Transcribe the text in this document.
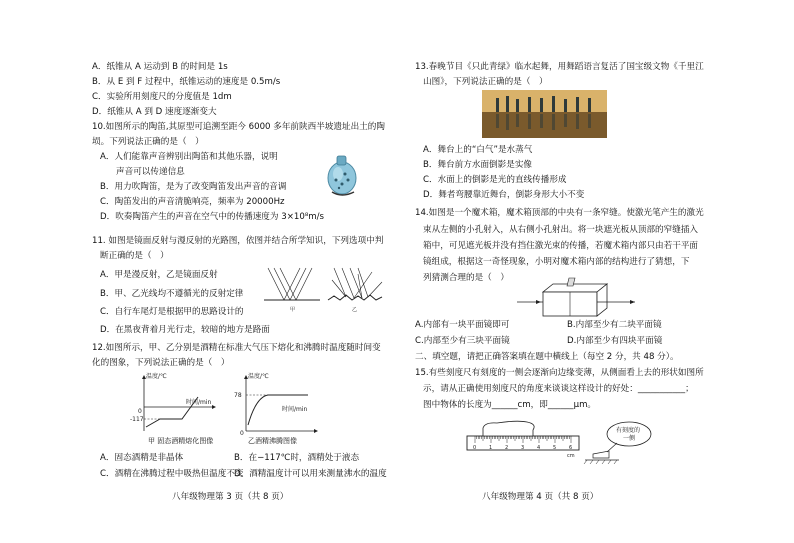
A．纸锥从 A 运动到 B 的时间是 1s
B．从 E 到 F 过程中，纸锥运动的速度是 0.5m/s
C．实验所用刻度尺的分度值是 1dm
D．纸锥从 A 到 D 速度逐渐变大
10.如图所示的陶笛,其原型可追溯至距今 6000 多年前陕西半坡遗址出土的陶
埙。下列说法正确的是（　）
A．人们能靠声音辨别出陶笛和其他乐器，说明
声音可以传递信息
B．用力吹陶笛，是为了改变陶笛发出声音的音调
C．陶笛发出的声音清脆响亮，频率为 20000Hz
D．吹奏陶笛产生的声音在空气中的传播速度为 3×10⁸m/s
11. 如图是镜面反射与漫反射的光路图，依图并结合所学知识，下列选项中判
断正确的是（　）
A．甲是漫反射，乙是镜面反射
B．甲、乙光线均不遵循光的反射定律
C．自行车尾灯是根据甲的思路设计的
D．在黑夜背着月光行走，较暗的地方是路面
甲	乙
12.如图所示，甲、乙分别是酒精在标准大气压下熔化和沸腾时温度随时间变
化的图象，下列说法正确的是（　）
温度/℃
时间/min
-117
0
甲 固态酒精熔化图像
温度/℃
时间/min
78
0
乙酒精沸腾图像
A．固态酒精是非晶体	B．在−117℃时，酒精处于液态
C．酒精在沸腾过程中吸热但温度不变
D．酒精温度计可以用来测量沸水的温度
八年级物理第 3 页（共 8 页）
13.春晚节目《只此青绿》临水起舞，用舞蹈语言复活了国宝级文物《千里江
山图》，下列说法正确的是（　）
A．舞台上的“白气”是水蒸气
B．舞台前方水面倒影是实像
C．水面上的倒影是光的直线传播形成
D．舞者弯腰靠近舞台，倒影身形大小不变
14.如图是一个魔术箱，魔术箱顶部的中央有一条窄缝。使激光笔产生的激光
束从左侧的小孔射入，从右侧小孔射出。将一块遮光板从顶部的窄缝插入
箱中，可见遮光板并没有挡住激光束的传播，若魔术箱内部只由若干平面
镜组成，根据这一奇怪现象，小明对魔术箱内部的结构进行了猜想，下
列猜测合理的是（　）
A.内部有一块平面镜即可	B.内部至少有二块平面镜
C.内部至少有三块平面镜	D.内部至少有四块平面镜
二、填空题，请把正确答案填在题中横线上（每空 2 分，共 48 分）。
15.有些刻度尺有刻度的一侧会逐渐向边缘变薄，从侧面看上去的形状如图所
示，请从正确使用刻度尺的角度来谈谈这样设计的好处：___________；
图中物体的长度为______cm，即______μm。
0	1	2	3	4	5	6
有刻度的
一侧
cm
八年级物理第 4 页（共 8 页）
